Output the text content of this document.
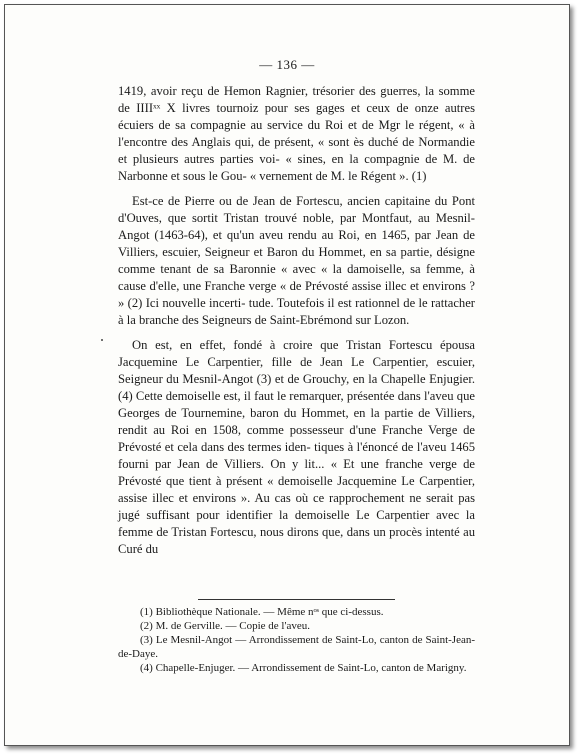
— 136 —

1419, avoir reçu de Hemon Ragnier, trésorier des guerres, la somme de IIIIˣˣ X livres tournoiz pour ses gages et ceux de onze autres écuiers de sa compagnie au service du Roi et de Mgr le régent, « à l'encontre des Anglais qui, de présent, « sont ès duché de Normandie et plusieurs autres parties voi- « sines, en la compagnie de M. de Narbonne et sous le Gou- « vernement de M. le Régent ». (1)

Est-ce de Pierre ou de Jean de Fortescu, ancien capitaine du Pont d'Ouves, que sortit Tristan trouvé noble, par Montfaut, au Mesnil-Angot (1463-64), et qu'un aveu rendu au Roi, en 1465, par Jean de Villiers, escuier, Seigneur et Baron du Hommet, en sa partie, désigne comme tenant de sa Baronnie « avec « la damoiselle, sa femme, à cause d'elle, une Franche verge « de Prévosté assise illec et environs ? » (2) Ici nouvelle incerti- tude. Toutefois il est rationnel de le rattacher à la branche des Seigneurs de Saint-Ebrémond sur Lozon.

On est, en effet, fondé à croire que Tristan Fortescu épousa Jacquemine Le Carpentier, fille de Jean Le Carpentier, escuier, Seigneur du Mesnil-Angot (3) et de Grouchy, en la Chapelle Enjugier. (4) Cette demoiselle est, il faut le remarquer, présentée dans l'aveu que Georges de Tournemine, baron du Hommet, en la partie de Villiers, rendit au Roi en 1508, comme possesseur d'une Franche Verge de Prévosté et cela dans des termes iden- tiques à l'énoncé de l'aveu 1465 fourni par Jean de Villiers. On y lit... « Et une franche verge de Prévosté que tient à présent « demoiselle Jacquemine Le Carpentier, assise illec et environs ». Au cas où ce rapprochement ne serait pas jugé suffisant pour identifier la demoiselle Le Carpentier avec la femme de Tristan Fortescu, nous dirons que, dans un procès intenté au Curé du

(1) Bibliothèque Nationale. — Même nᵒˢ que ci-dessus.

(2) M. de Gerville. — Copie de l'aveu.

(3) Le Mesnil-Angot — Arrondissement de Saint-Lo, canton de Saint-Jean-de-Daye.

(4) Chapelle-Enjuger. — Arrondissement de Saint-Lo, canton de Marigny.
